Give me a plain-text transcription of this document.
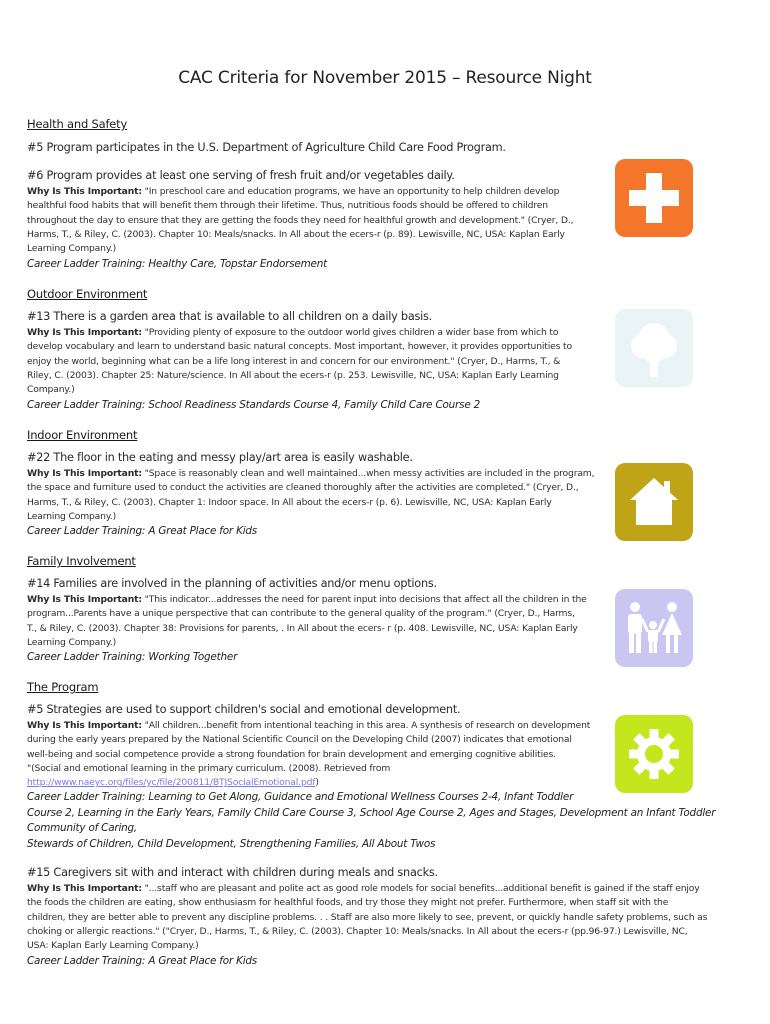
CAC Criteria for November 2015 – Resource Night

Health and Safety

#5 Program participates in the U.S. Department of Agriculture Child Care Food Program.
#6 Program provides at least one serving of fresh fruit and/or vegetables daily.
Why Is This Important: "In preschool care and education programs, we have an opportunity to help children develop
healthful food habits that will benefit them through their lifetime. Thus, nutritious foods should be offered to children
throughout the day to ensure that they are getting the foods they need for healthful growth and development." (Cryer, D.,
Harms, T., & Riley, C. (2003). Chapter 10: Meals/snacks. In All about the ecers-r (p. 89). Lewisville, NC, USA: Kaplan Early
Learning Company.)
Career Ladder Training: Healthy Care, Topstar Endorsement

Outdoor Environment

#13 There is a garden area that is available to all children on a daily basis.
Why Is This Important: "Providing plenty of exposure to the outdoor world gives children a wider base from which to
develop vocabulary and learn to understand basic natural concepts. Most important, however, it provides opportunities to
enjoy the world, beginning what can be a life long interest in and concern for our environment." (Cryer, D., Harms, T., &
Riley, C. (2003). Chapter 25: Nature/science. In All about the ecers-r (p. 253. Lewisville, NC, USA: Kaplan Early Learning
Company.)
Career Ladder Training: School Readiness Standards Course 4, Family Child Care Course 2

Indoor Environment

#22 The floor in the eating and messy play/art area is easily washable.
Why Is This Important: "Space is reasonably clean and well maintained...when messy activities are included in the program,
the space and furniture used to conduct the activities are cleaned thoroughly after the activities are completed." (Cryer, D.,
Harms, T., & Riley, C. (2003). Chapter 1: Indoor space. In All about the ecers-r (p. 6). Lewisville, NC, USA: Kaplan Early
Learning Company.)
Career Ladder Training: A Great Place for Kids

Family Involvement

#14 Families are involved in the planning of activities and/or menu options.
Why Is This Important: "This indicator...addresses the need for parent input into decisions that affect all the children in the
program...Parents have a unique perspective that can contribute to the general quality of the program." (Cryer, D., Harms,
T., & Riley, C. (2003). Chapter 38: Provisions for parents, . In All about the ecers- r (p. 408. Lewisville, NC, USA: Kaplan Early
Learning Company.)
Career Ladder Training: Working Together

The Program

#5 Strategies are used to support children's social and emotional development.
Why Is This Important: "All children...benefit from intentional teaching in this area. A synthesis of research on development
during the early years prepared by the National Scientific Council on the Developing Child (2007) indicates that emotional
well-being and social competence provide a strong foundation for brain development and emerging cognitive abilities.
"(Social and emotional learning in the primary curriculum. (2008). Retrieved from
http://www.naeyc.org/files/yc/file/200811/BTJSocialEmotional.pdf)
Career Ladder Training: Learning to Get Along, Guidance and Emotional Wellness Courses 2-4, Infant Toddler
Course 2, Learning in the Early Years, Family Child Care Course 3, School Age Course 2, Ages and Stages, Development an Infant Toddler
Community of Caring,
Stewards of Children, Child Development, Strengthening Families, All About Twos
#15 Caregivers sit with and interact with children during meals and snacks.
Why Is This Important: "...staff who are pleasant and polite act as good role models for social benefits...additional benefit is gained if the staff enjoy
the foods the children are eating, show enthusiasm for healthful foods, and try those they might not prefer. Furthermore, when staff sit with the
children, they are better able to prevent any discipline problems. . . Staff are also more likely to see, prevent, or quickly handle safety problems, such as
choking or allergic reactions." ("Cryer, D., Harms, T., & Riley, C. (2003). Chapter 10: Meals/snacks. In All about the ecers-r (pp.96-97.) Lewisville, NC,
USA: Kaplan Early Learning Company.)
Career Ladder Training: A Great Place for Kids
